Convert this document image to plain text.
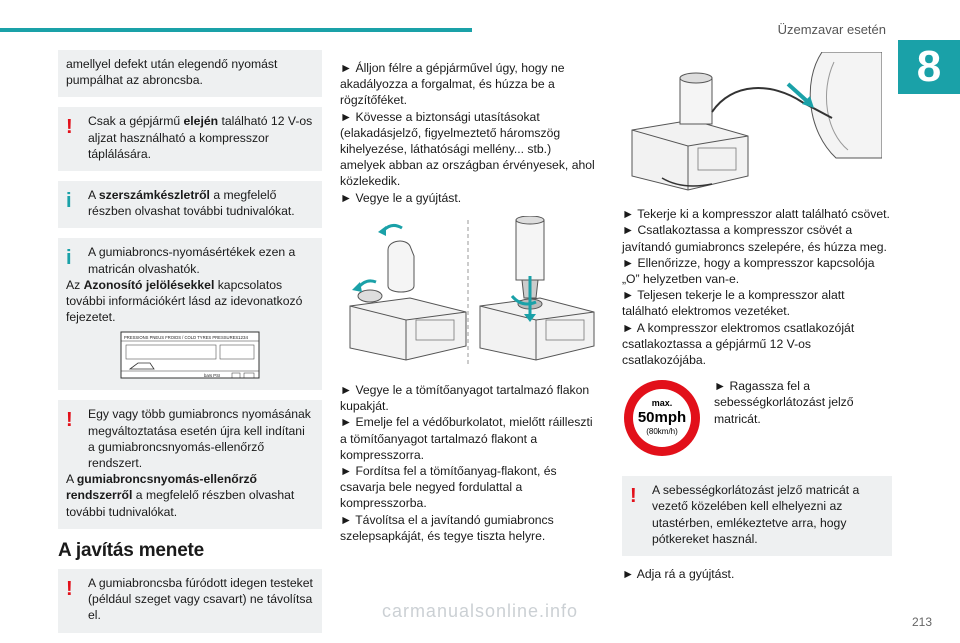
Üzemzavar esetén
8

amellyel defekt után elegendő nyomást pumpálhat az abroncsba.

!	Csak a gépjármű elején található 12 V-os aljzat használható a kompresszor táplálására.

i	A szerszámkészletről a megfelelő részben olvashat további tudnivalókat.

i	A gumiabroncs-nyomásértékek ezen a matricán olvashatók.

Az Azonosító jelölésekkel kapcsolatos további információkért lásd az idevonatkozó fejezetet.

PRESSIONS PNEUS FROIDS / COLD TYRES PRESSURES 1234
bars PSI
!	Egy vagy több gumiabroncs nyomásának megváltoztatása esetén újra kell indítani a gumiabroncsnyomás-ellenőrző rendszert.

A gumiabroncsnyomás-ellenőrző rendszerről a megfelelő részben olvashat további tudnivalókat.

A javítás menete
!	A gumiabroncsba fúródott idegen testeket (például szeget vagy csavart) ne távolítsa el.

► Álljon félre a gépjárművel úgy, hogy ne akadályozza a forgalmat, és húzza be a rögzítőféket.

► Kövesse a biztonsági utasításokat (elakadásjelző, figyelmeztető háromszög kihelyezése, láthatósági mellény... stb.) amelyek abban az országban érvényesek, ahol közlekedik.

► Vegye le a gyújtást.

► Vegye le a tömítőanyagot tartalmazó flakon kupakját.

► Emelje fel a védőburkolatot, mielőtt ráilleszti a tömítőanyagot tartalmazó flakont a kompresszorra.

► Fordítsa fel a tömítőanyag-flakont, és csavarja bele negyed fordulattal a kompresszorba.

► Távolítsa el a javítandó gumiabroncs szelepsapkáját, és tegye tiszta helyre.

► Tekerje ki a kompresszor alatt található csövet.

► Csatlakoztassa a kompresszor csövét a javítandó gumiabroncs szelepére, és húzza meg.

► Ellenőrizze, hogy a kompresszor kapcsolója „O” helyzetben van-e.

► Teljesen tekerje le a kompresszor alatt található elektromos vezetéket.

► A kompresszor elektromos csatlakozóját csatlakoztassa a gépjármű 12 V-os csatlakozójába.

max.
50mph
(80km/h)

► Ragassza fel a sebességkorlátozást jelző matricát.

!	A sebességkorlátozást jelző matricát a vezető közelében kell elhelyezni az utastérben, emlékeztetve arra, hogy pótkereket használ.

► Adja rá a gyújtást.

carmanualsonline.info
213
